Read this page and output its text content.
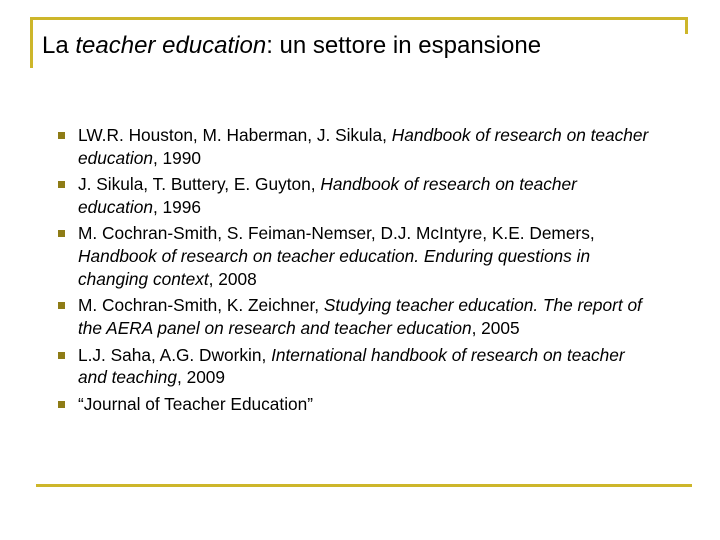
La teacher education: un settore in espansione
LW.R. Houston, M. Haberman, J. Sikula, Handbook of research on teacher education, 1990
J. Sikula, T. Buttery, E. Guyton, Handbook of research on teacher education, 1996
M. Cochran-Smith, S. Feiman-Nemser, D.J. McIntyre, K.E. Demers, Handbook of research on teacher education. Enduring questions in changing context, 2008
M. Cochran-Smith, K. Zeichner, Studying teacher education. The report of the AERA panel on research and teacher education, 2005
L.J. Saha, A.G. Dworkin, International handbook of research on teacher and teaching, 2009
“Journal of Teacher Education”
